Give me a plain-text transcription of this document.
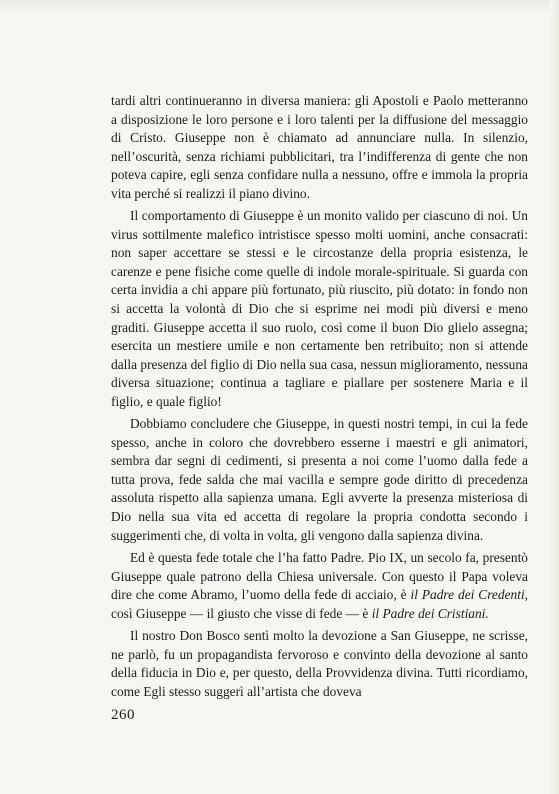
tardi altri continueranno in diversa maniera: gli Apostoli e Paolo metteranno a disposizione le loro persone e i loro talenti per la diffusione del messaggio di Cristo. Giuseppe non è chiamato ad annunciare nulla. In silenzio, nell’oscurità, senza richiami pubblicitari, tra l’indifferenza di gente che non poteva capire, egli senza confidare nulla a nessuno, offre e immola la propria vita perché si realizzi il piano divino.

Il comportamento di Giuseppe è un monito valido per ciascuno di noi. Un virus sottilmente malefico intristisce spesso molti uomini, anche consacrati: non saper accettare se stessi e le circostanze della propria esistenza, le carenze e pene fisiche come quelle di indole morale-spirituale. Si guarda con certa invidia a chi appare più fortunato, più riuscito, più dotato: in fondo non si accetta la volontà di Dio che si esprime nei modi più diversi e meno graditi. Giuseppe accetta il suo ruolo, così come il buon Dio glielo assegna; esercita un mestiere umile e non certamente ben retribuito; non si attende dalla presenza del figlio di Dio nella sua casa, nessun miglioramento, nessuna diversa situazione; continua a tagliare e piallare per sostenere Maria e il figlio, e quale figlio!

Dobbiamo concludere che Giuseppe, in questi nostri tempi, in cui la fede spesso, anche in coloro che dovrebbero esserne i maestri e gli animatori, sembra dar segni di cedimenti, si presenta a noi come l’uomo dalla fede a tutta prova, fede salda che mai vacilla e sempre gode diritto di precedenza assoluta rispetto alla sapienza umana. Egli avverte la presenza misteriosa di Dio nella sua vita ed accetta di regolare la propria condotta secondo i suggerimenti che, di volta in volta, gli vengono dalla sapienza divina.

Ed è questa fede totale che l’ha fatto Padre. Pio IX, un secolo fa, presentò Giuseppe quale patrono della Chiesa universale. Con questo il Papa voleva dire che come Abramo, l’uomo della fede di acciaio, è il Padre dei Credenti, così Giuseppe — il giusto che visse di fede — è il Padre dei Cristiani.

Il nostro Don Bosco sentì molto la devozione a San Giuseppe, ne scrisse, ne parlò, fu un propagandista fervoroso e convinto della devozione al santo della fiducia in Dio e, per questo, della Provvidenza divina. Tutti ricordiamo, come Egli stesso suggerì all’artista che doveva

260
